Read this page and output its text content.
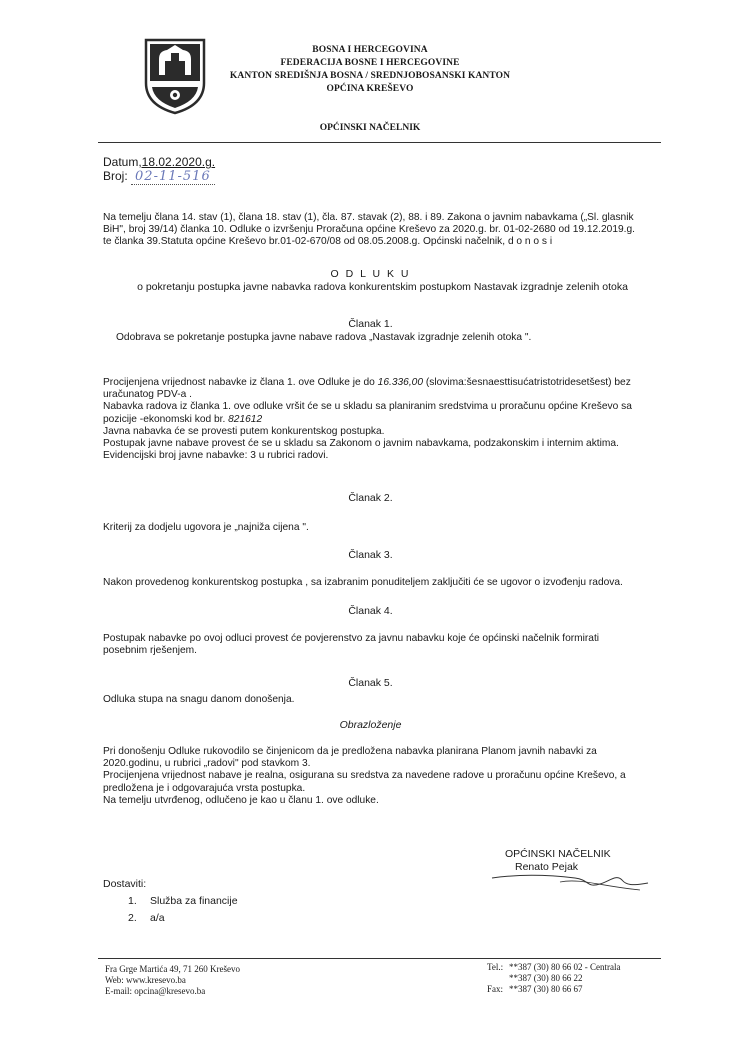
BOSNA I HERCEGOVINA
FEDERACIJA BOSNE I HERCEGOVINE
KANTON SREDIŠNJA BOSNA / SREDNJOBOSANSKI KANTON
OPĆINA KREŠEVO
OPĆINSKI NAČELNIK
Datum,18.02.2020.g.
Broj: 02-11-516
Na temelju članа 14. stav (1), člana 18. stav (1), čla. 87. stavak (2), 88. i 89. Zakona o javnim nabavkama („Sl. glasnik
BiH", broj 39/14) članka 10. Odluke o izvršenju Proračuna općine Kreševo za 2020.g. br. 01-02-2680 od 19.12.2019.g.
te članka 39.Statuta općine Kreševo br.01-02-670/08 od 08.05.2008.g. Općinski načelnik, d o n o s i
O D L U K U
o pokretanju postupka javne nabavka radova konkurentskim postupkom Nastavak izgradnje zelenih otoka
Članak 1.
Odobrava se pokretanje postupka javne nabave radova „Nastavak izgradnje zelenih otoka ".
Procijenjena vrijednost nabavke iz člana 1. ove Odluke je do 16.336,00 (slovima:šesnaesttisućatristotridesetšest) bez
uračunatog PDV-a .
Nabavka radova iz članka 1. ove odluke vršit će se u skladu sa planiranim sredstvima u proračunu općine Kreševo sa
pozicije -ekonomski kod br. 821612
Javna nabavka će se provesti putem konkurentskog postupka.
Postupak javne nabave provest će se u skladu sa Zakonom o javnim nabavkama, podzakonskim i internim aktima.
Evidencijski broj javne nabavke: 3 u rubrici radovi.
Članak 2.
Kriterij za dodjelu ugovora je „najniža cijena ".
Članak 3.
Nakon provedenog konkurentskog postupka , sa izabranim ponuditeljem zaključiti će se ugovor o izvođenju radova.
Članak 4.
Postupak nabavke po ovoj odluci provest će povjerenstvo za javnu nabavku koje će općinski načelnik formirati
posebnim rješenjem.
Članak 5.
Odluka stupa na snagu danom donošenja.
Obrazloženje
Pri donošenju Odluke rukovodilo se činjenicom da je predložena nabavka planirana Planom javnih nabavki za
2020.godinu, u rubrici „radovi" pod stavkom 3.
Procijenjena vrijednost nabave je realna, osigurana su sredstva za navedene radove u proračunu općine Kreševo, a
predložena je i odgovarajuća vrsta postupka.
Na temelju utvrđenog, odlučeno je kao u članu 1. ove odluke.
OPĆINSKI NAČELNIK
Renato Pejak
Dostaviti:
1. Služba za financije
2. a/a
Fra Grge Martića 49, 71 260 Kreševo
Web: www.kresevo.ba
E-mail: opcina@kresevo.ba
Tel.: **387 (30) 80 66 02 - Centrala
**387 (30) 80 66 22
Fax: **387 (30) 80 66 67
